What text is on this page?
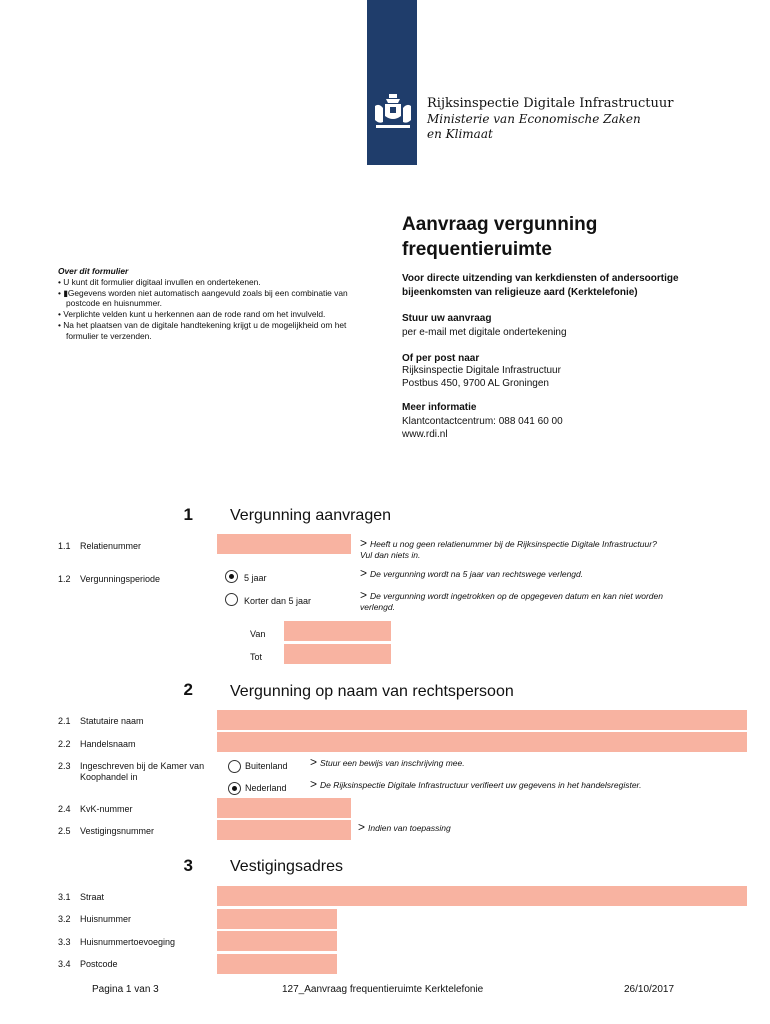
Rijksinspectie Digitale Infrastructuur
Ministerie van Economische Zaken
en Klimaat
Aanvraag vergunning
frequentieruimte
Voor directe uitzending van kerkdiensten of andersoortige bijeenkomsten van religieuze aard (Kerktelefonie)
Stuur uw aanvraag
per e-mail met digitale ondertekening
Of per post naar
Rijksinspectie Digitale Infrastructuur
Postbus 450, 9700 AL Groningen
Meer informatie
Klantcontactcentrum: 088 041 60 00
www.rdi.nl
Over dit formulier
• U kunt dit formulier digitaal invullen en ondertekenen.
• ▮Gegevens worden niet automatisch aangevuld zoals bij een combinatie van postcode en huisnummer.
• Verplichte velden kunt u herkennen aan de rode rand om het invulveld.
• Na het plaatsen van de digitale handtekening krijgt u de mogelijkheid om het formulier te verzenden.
1 Vergunning aanvragen
1.1 Relatienummer	> Heeft u nog geen relatienummer bij de Rijksinspectie Digitale Infrastructuur?Vul dan niets in.
1.2 Vergunningsperiode	5 jaar	> De vergunning wordt na 5 jaar van rechtswege verlengd.
Korter dan 5 jaar	> De vergunning wordt ingetrokken op de opgegeven datum en kan niet worden verlengd.
Van
Tot
2 Vergunning op naam van rechtspersoon
2.1 Statutaire naam
2.2 Handelsnaam
2.3 Ingeschreven bij de Kamer van Koophandel in
Buitenland > Stuur een bewijs van inschrijving mee.
Nederland > De Rijksinspectie Digitale Infrastructuur verifieert uw gegevens in het handelsregister.
2.4 KvK-nummer
2.5 Vestigingsnummer	> Indien van toepassing
3 Vestigingsadres
3.1 Straat
3.2 Huisnummer
3.3 Huisnummertoevoeging
3.4 Postcode
Pagina 1 van 3	127_Aanvraag frequentieruimte Kerktelefonie	26/10/2017
